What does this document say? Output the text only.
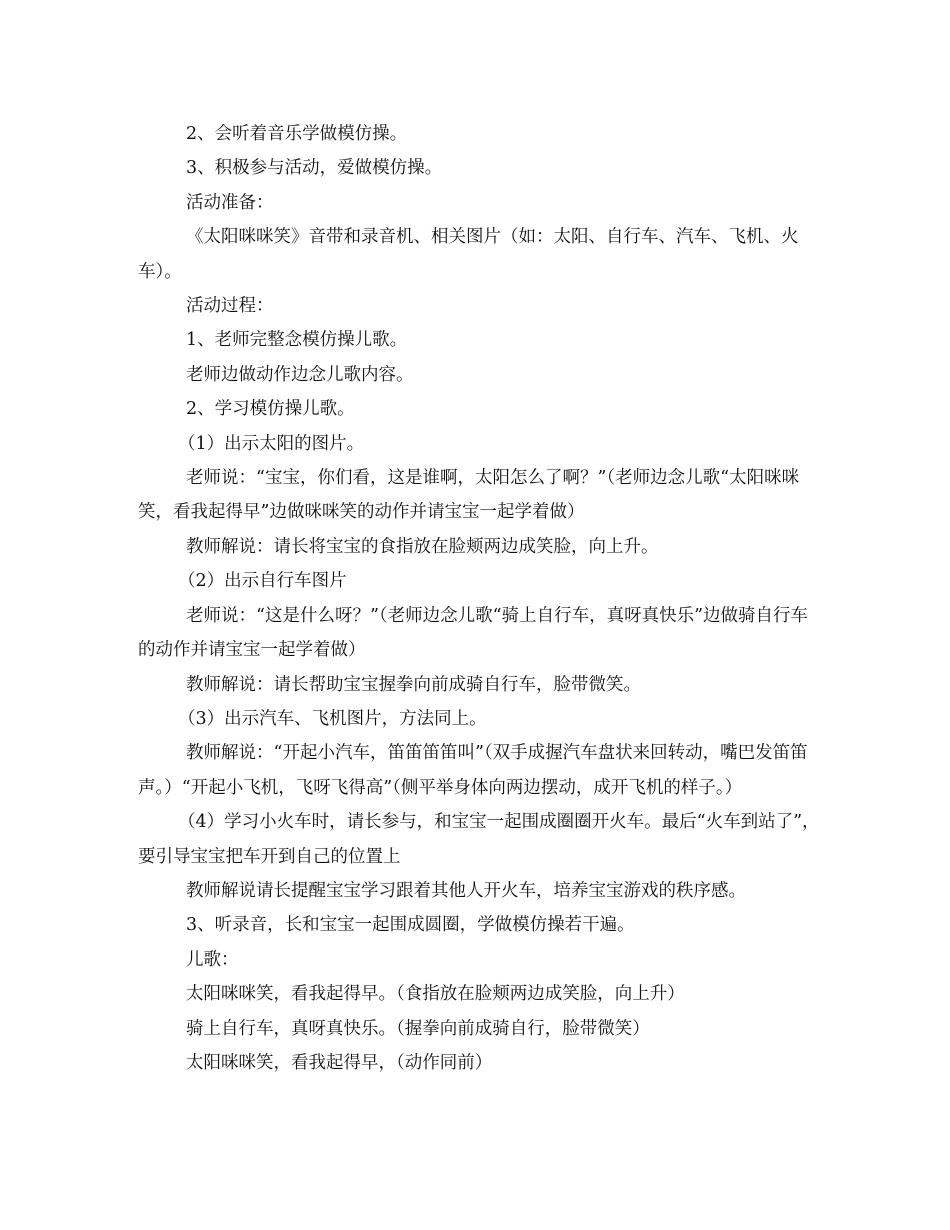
2、会听着音乐学做模仿操。

3、积极参与活动，爱做模仿操。

活动准备：

《太阳咪咪笑》音带和录音机、相关图片（如：太阳、自行车、汽车、飞机、火车）。

活动过程：

1、老师完整念模仿操儿歌。

老师边做动作边念儿歌内容。

2、学习模仿操儿歌。

（1）出示太阳的图片。

老师说：“宝宝，你们看，这是谁啊，太阳怎么了啊？”（老师边念儿歌“太阳咪咪笑，看我起得早”边做咪咪笑的动作并请宝宝一起学着做）

教师解说：请长将宝宝的食指放在脸颊两边成笑脸，向上升。

（2）出示自行车图片

老师说：“这是什么呀？”（老师边念儿歌“骑上自行车，真呀真快乐”边做骑自行车的动作并请宝宝一起学着做）

教师解说：请长帮助宝宝握拳向前成骑自行车，脸带微笑。

（3）出示汽车、飞机图片，方法同上。

教师解说：“开起小汽车，笛笛笛笛叫”（双手成握汽车盘状来回转动，嘴巴发笛笛声。）“开起小飞机，飞呀飞得高”（侧平举身体向两边摆动，成开飞机的样子。）

（4）学习小火车时，请长参与，和宝宝一起围成圈圈开火车。最后“火车到站了”，要引导宝宝把车开到自己的位置上

教师解说请长提醒宝宝学习跟着其他人开火车，培养宝宝游戏的秩序感。

3、听录音，长和宝宝一起围成圆圈，学做模仿操若干遍。

儿歌：

太阳咪咪笑，看我起得早。（食指放在脸颊两边成笑脸，向上升）

骑上自行车，真呀真快乐。（握拳向前成骑自行，脸带微笑）

太阳咪咪笑，看我起得早，（动作同前）
